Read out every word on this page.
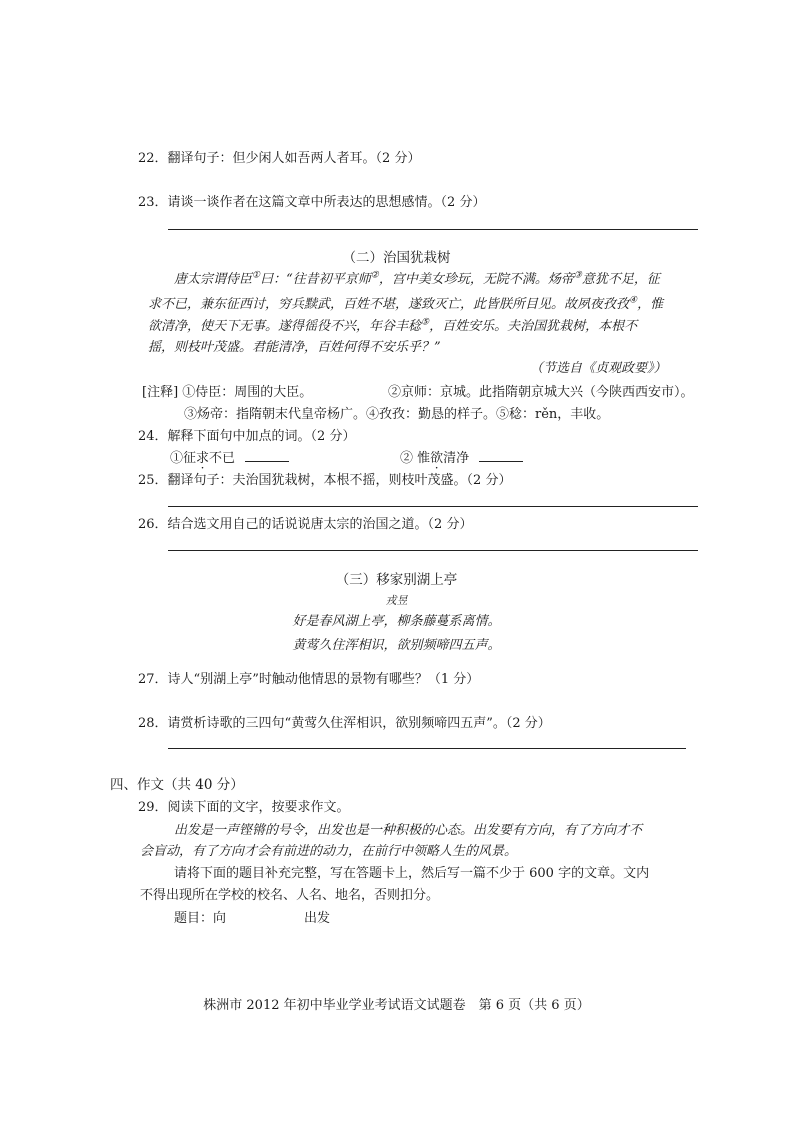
22．翻译句子：但少闲人如吾两人者耳。（2 分）
23．请谈一谈作者在这篇文章中所表达的思想感情。（2 分）
（二）治国犹栽树
唐太宗谓侍臣①曰：“往昔初平京师②，宫中美女珍玩，无院不满。炀帝③意犹不足，征
求不已，兼东征西讨，穷兵黩武，百姓不堪，遂致灭亡，此皆朕所目见。故夙夜孜孜④，惟
欲清净，使天下无事。遂得徭役不兴，年谷丰稔⑤，百姓安乐。夫治国犹栽树，本根不
摇，则枝叶茂盛。君能清净，百姓何得不安乐乎？”
（节选自《贞观政要》）
[注释] ①侍臣：周围的大臣。	②京师：京城。此指隋朝京城大兴（今陕西西安市）。
③炀帝：指隋朝末代皇帝杨广。④孜孜：勤恳的样子。⑤稔：rěn，丰收。
24．解释下面句中加点的词。（2 分）
①征求不已	② 惟欲清净
25．翻译句子：夫治国犹栽树，本根不摇，则枝叶茂盛。（2 分）
26．结合选文用自己的话说说唐太宗的治国之道。（2 分）
（三）移家别湖上亭
戎昱
好是春风湖上亭，柳条藤蔓系离情。
黄莺久住浑相识，欲别频啼四五声。
27．诗人“别湖上亭”时触动他情思的景物有哪些？（1 分）
28．请赏析诗歌的三四句“黄莺久住浑相识，欲别频啼四五声”。（2 分）
四、作文（共 40 分）
29．阅读下面的文字，按要求作文。
出发是一声铿锵的号令，出发也是一种积极的心态。出发要有方向，有了方向才不
会盲动，有了方向才会有前进的动力，在前行中领略人生的风景。
请将下面的题目补充完整，写在答题卡上，然后写一篇不少于 600 字的文章。文内
不得出现所在学校的校名、人名、地名，否则扣分。
题目：向	出发
株洲市 2012 年初中毕业学业考试语文试题卷　第 6 页（共 6 页）
